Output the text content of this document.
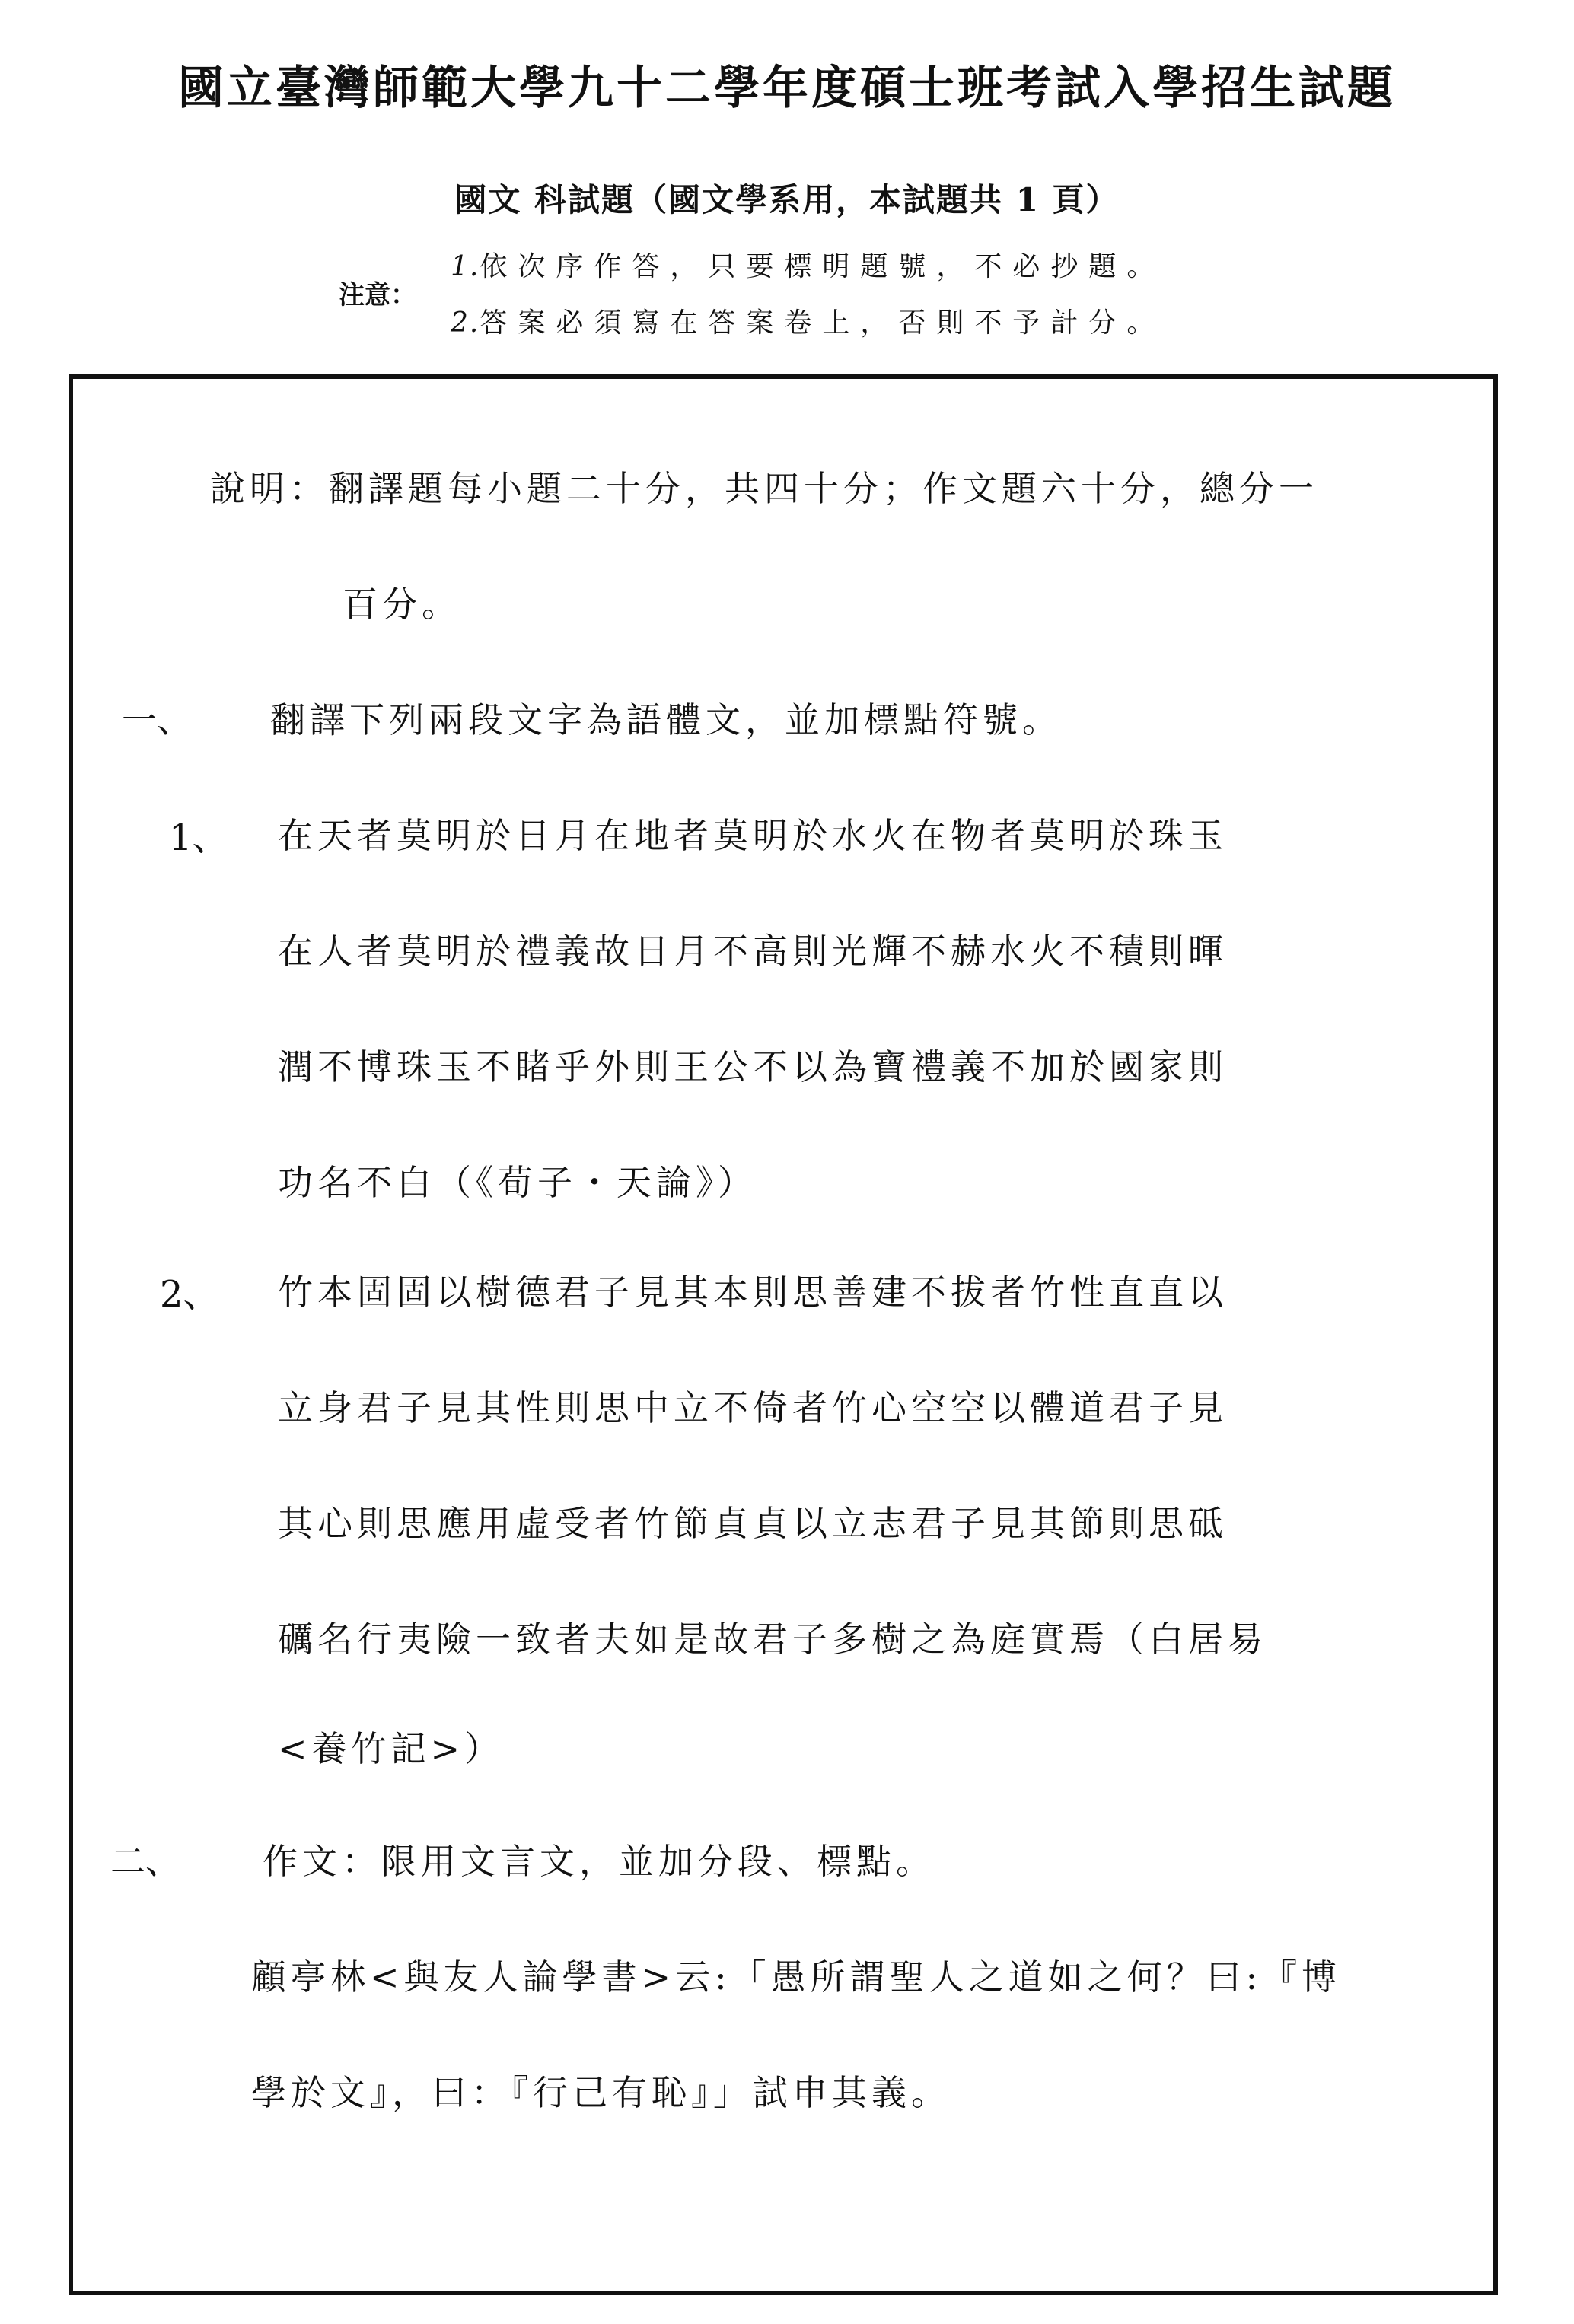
國立臺灣師範大學九十二學年度碩士班考試入學招生試題
國文 科試題（國文學系用，本試題共 1 頁）
注意：
1.依次序作答，只要標明題號，不必抄題。
2.答案必須寫在答案卷上，否則不予計分。
說明：翻譯題每小題二十分，共四十分；作文題六十分，總分一
百分。
一、 翻譯下列兩段文字為語體文，並加標點符號。
1、 在天者莫明於日月在地者莫明於水火在物者莫明於珠玉
在人者莫明於禮義故日月不高則光輝不赫水火不積則暉
潤不博珠玉不睹乎外則王公不以為寶禮義不加於國家則
功名不白（《荀子・天論》）
2、 竹本固固以樹德君子見其本則思善建不拔者竹性直直以
立身君子見其性則思中立不倚者竹心空空以體道君子見
其心則思應用虛受者竹節貞貞以立志君子見其節則思砥
礪名行夷險一致者夫如是故君子多樹之為庭實焉（白居易
<養竹記>）
二、 作文：限用文言文，並加分段、標點。
顧亭林<與友人論學書>云:「愚所謂聖人之道如之何？曰:『博
學於文』，曰：『行己有恥』」試申其義。
